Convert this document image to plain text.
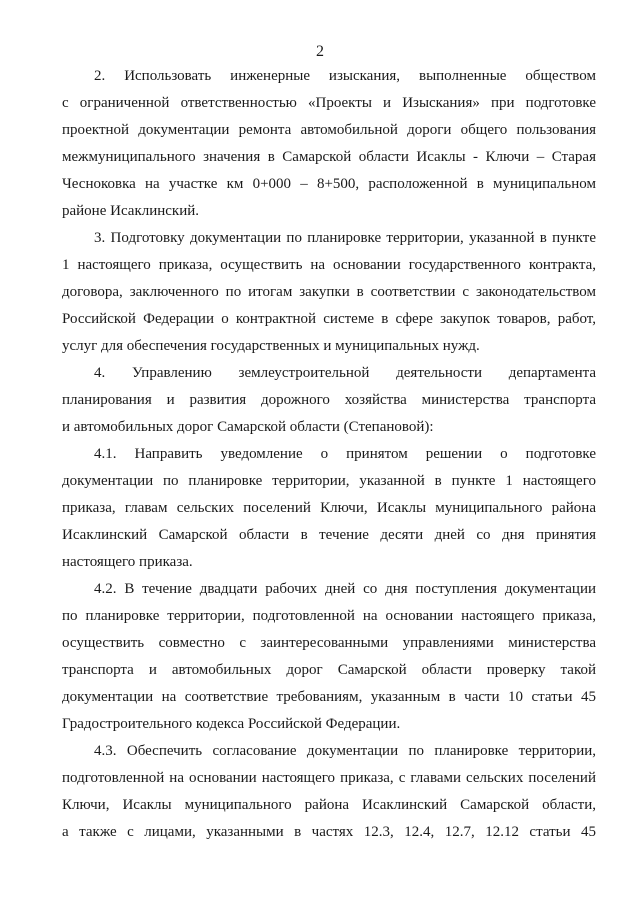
2
2. Использовать инженерные изыскания, выполненные обществом
с ограниченной ответственностью «Проекты и Изыскания» при подготовке
проектной документации ремонта автомобильной дороги общего пользования
межмуниципального значения в Самарской области Исаклы - Ключи – Старая
Чесноковка на участке км 0+000 – 8+500, расположенной в муниципальном
районе Исаклинский.
3. Подготовку документации по планировке территории, указанной в пункте
1 настоящего приказа, осуществить на основании государственного контракта,
договора, заключенного по итогам закупки в соответствии с законодательством
Российской Федерации о контрактной системе в сфере закупок товаров, работ,
услуг для обеспечения государственных и муниципальных нужд.
4. Управлению землеустроительной деятельности департамента
планирования и развития дорожного хозяйства министерства транспорта
и автомобильных дорог Самарской области (Степановой):
4.1. Направить уведомление о принятом решении о подготовке
документации по планировке территории, указанной в пункте 1 настоящего
приказа, главам сельских поселений Ключи, Исаклы муниципального района
Исаклинский Самарской области в течение десяти дней со дня принятия
настоящего приказа.
4.2. В течение двадцати рабочих дней со дня поступления документации
по планировке территории, подготовленной на основании настоящего приказа,
осуществить совместно с заинтересованными управлениями министерства
транспорта и автомобильных дорог Самарской области проверку такой
документации на соответствие требованиям, указанным в части 10 статьи 45
Градостроительного кодекса Российской Федерации.
4.3. Обеспечить согласование документации по планировке территории,
подготовленной на основании настоящего приказа, с главами сельских поселений
Ключи, Исаклы муниципального района Исаклинский Самарской области,
а также с лицами, указанными в частях 12.3, 12.4, 12.7, 12.12 статьи 45
